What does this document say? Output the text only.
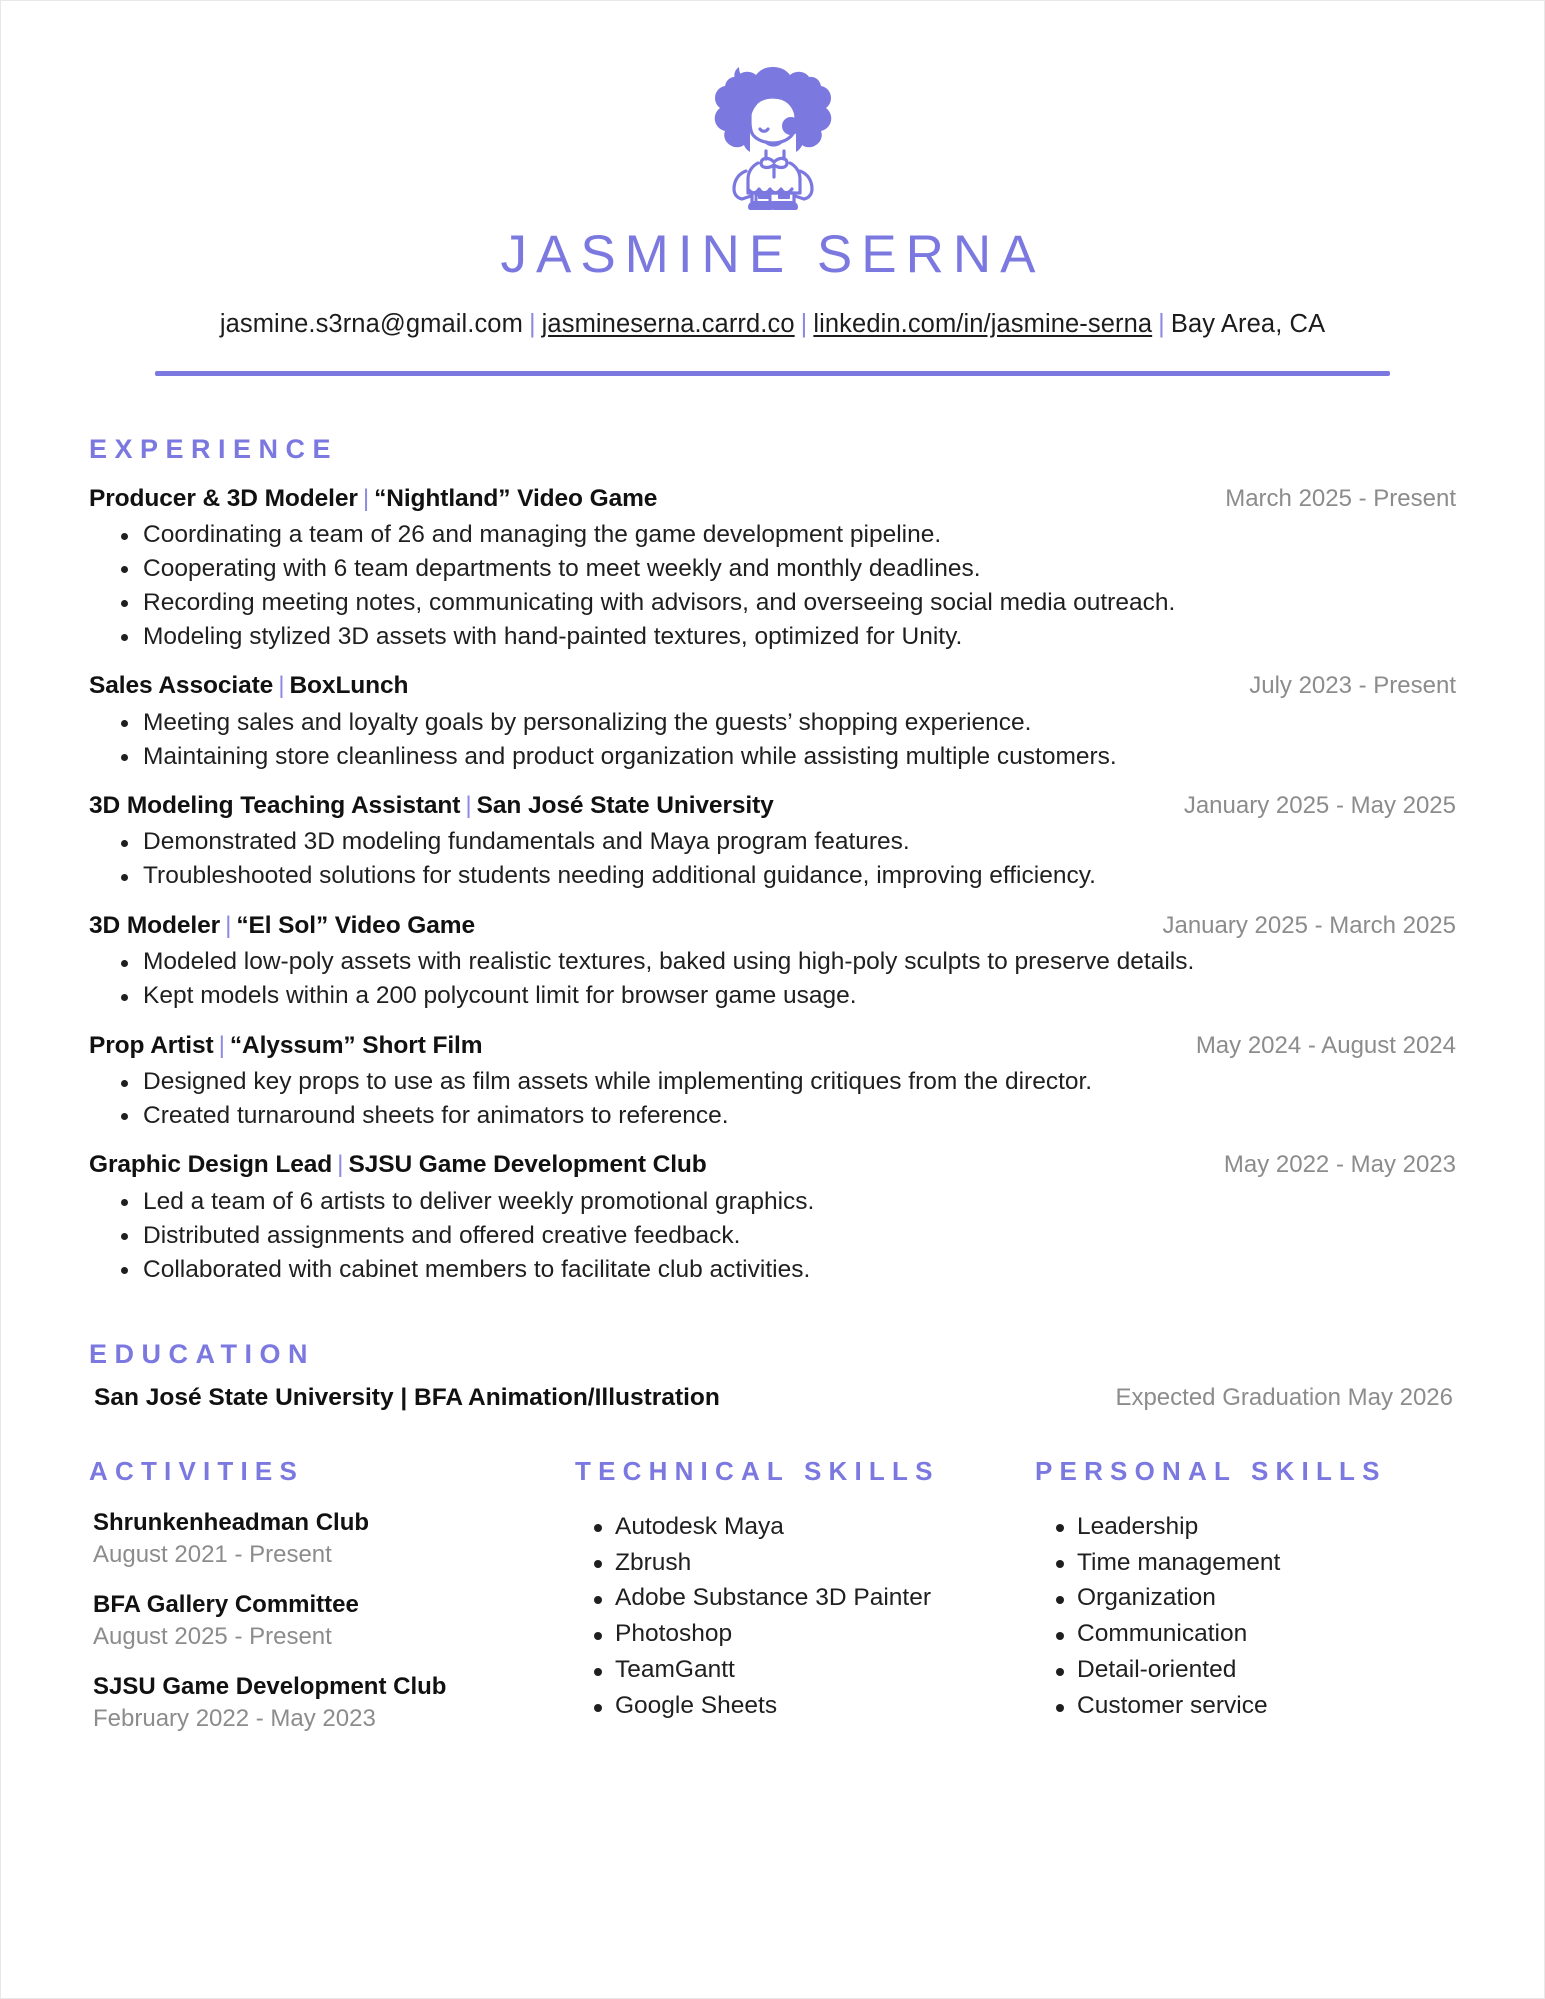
JASMINE SERNA
jasmine.s3rna@gmail.com | jasmineserna.carrd.co | linkedin.com/in/jasmine-serna | Bay Area, CA
EXPERIENCE
Producer & 3D Modeler | “Nightland” Video Game	March 2025 - Present
Coordinating a team of 26 and managing the game development pipeline.
Cooperating with 6 team departments to meet weekly and monthly deadlines.
Recording meeting notes, communicating with advisors, and overseeing social media outreach.
Modeling stylized 3D assets with hand-painted textures, optimized for Unity.
Sales Associate | BoxLunch	July 2023 - Present
Meeting sales and loyalty goals by personalizing the guests’ shopping experience.
Maintaining store cleanliness and product organization while assisting multiple customers.
3D Modeling Teaching Assistant | San José State University	January 2025 - May 2025
Demonstrated 3D modeling fundamentals and Maya program features.
Troubleshooted solutions for students needing additional guidance, improving efficiency.
3D Modeler | “El Sol” Video Game	January 2025 - March 2025
Modeled low-poly assets with realistic textures, baked using high-poly sculpts to preserve details.
Kept models within a 200 polycount limit for browser game usage.
Prop Artist | “Alyssum” Short Film	May 2024 - August 2024
Designed key props to use as film assets while implementing critiques from the director.
Created turnaround sheets for animators to reference.
Graphic Design Lead | SJSU Game Development Club	May 2022 - May 2023
Led a team of 6 artists to deliver weekly promotional graphics.
Distributed assignments and offered creative feedback.
Collaborated with cabinet members to facilitate club activities.
EDUCATION
San José State University | BFA Animation/Illustration	Expected Graduation May 2026
ACTIVITIES
Shrunkenheadman Club
August 2021 - Present
BFA Gallery Committee
August 2025 - Present
SJSU Game Development Club
February 2022 - May 2023
TECHNICAL SKILLS
Autodesk Maya
Zbrush
Adobe Substance 3D Painter
Photoshop
TeamGantt
Google Sheets
PERSONAL SKILLS
Leadership
Time management
Organization
Communication
Detail-oriented
Customer service
